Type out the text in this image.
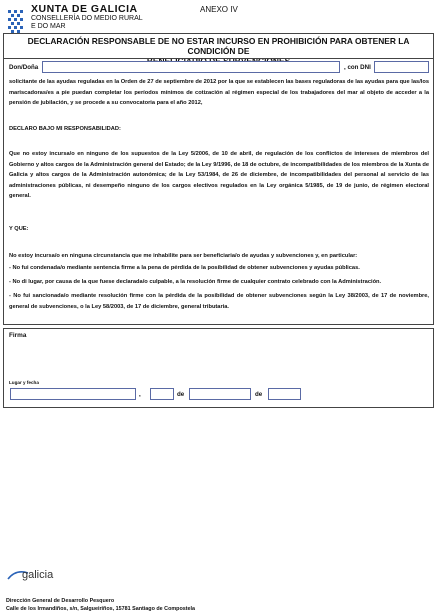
XUNTA DE GALICIA
CONSELLERÍA DO MEDIO RURAL
E DO MAR
ANEXO IV
DECLARACIÓN RESPONSABLE DE NO ESTAR INCURSO EN PROHIBICIÓN PARA OBTENER LA CONDICIÓN DE
Don/Doña	, con DNI
solicitante de las ayudas reguladas en la Orden de 27 de septiembre de 2012 por la que se establecen las bases reguladoras de las ayudas para que las/los mariscadoras/es a pie puedan completar los períodos mínimos de cotización al régimen especial de los trabajadores del mar al objeto de acceder a la pensión de jubilación, y se procede a su convocatoria para el año 2012,
DECLARO BAJO MI RESPONSABILIDAD:
Que no estoy incursa/o en ninguno de los supuestos de la Ley 5/2006, de 10 de abril, de regulación de los conflictos de intereses de miembros del Gobierno y altos cargos de la Administración general del Estado; de la Ley 9/1996, de 18 de octubre, de incompatibilidades de los miembros de la Xunta de Galicia y altos cargos de la Administración autonómica; de la Ley 53/1984, de 26 de diciembre, de incompatibilidades del personal al servicio de las administraciones públicas, ni desempeño ninguno de los cargos electivos regulados en la Ley orgánica 5/1985, de 19 de junio, de régimen electoral general.
Y QUE:
No estoy incursa/o en ninguna circunstancia que me inhabilite para ser beneficiaria/o de ayudas y subvenciones y, en particular:
- No fui condenada/o mediante sentencia firme a la pena de pérdida de la posibilidad de obtener subvenciones y ayudas públicas.
- No di lugar, por causa de la que fuese declarada/o culpable, a la resolución firme de cualquier contrato celebrado con la Administración.
- No fui sancionada/o mediante resolución firme con la pérdida de la posibilidad de obtener subvenciones según la Ley 38/2003, de 17 de noviembre, general de subvenciones, o la Ley 58/2003, de 17 de diciembre, general tributaria.
Firma
Lugar y fecha
,	de	de
galicia
Dirección General de Desarrollo Pesquero
Calle de los Irmandiños, s/n, Salgueiriños, 15781 Santiago de Compostela
